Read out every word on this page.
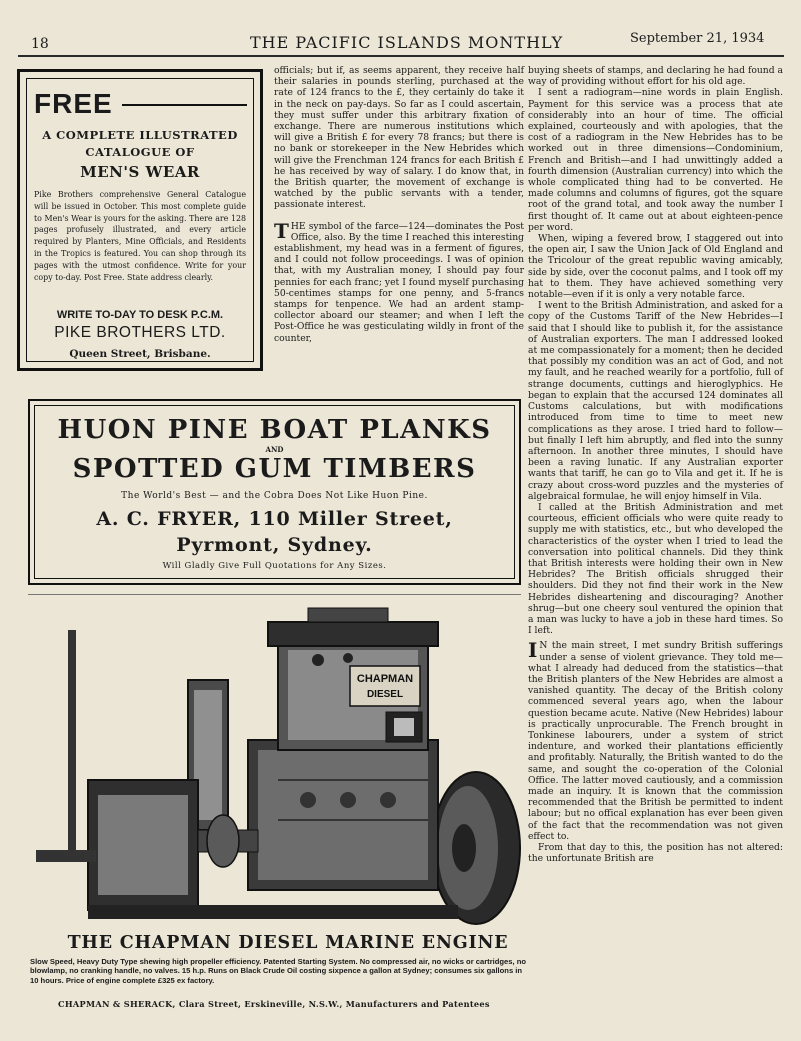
18	THE PACIFIC ISLANDS MONTHLY	September 21, 1934
FREE
A COMPLETE ILLUSTRATED
CATALOGUE OF
MEN'S WEAR
Pike Brothers comprehensive General Catalogue will be issued in October. This most complete guide to Men's Wear is yours for the asking. There are 128 pages profusely illustrated, and every article required by Planters, Mine Officials, and Residents in the Tropics is featured. You can shop through its pages with the utmost confidence. Write for your copy to-day. Post Free. State address clearly.
WRITE TO-DAY TO DESK P.C.M.
PIKE BROTHERS LTD.
Queen Street, Brisbane.
HUON PINE BOAT PLANKS
AND
SPOTTED GUM TIMBERS
The World's Best — and the Cobra Does Not Like Huon Pine.
A. C. FRYER, 110 Miller Street,
Pyrmont, Sydney.
Will Gladly Give Full Quotations for Any Sizes.
CHAPMAN
DIESEL
THE CHAPMAN DIESEL MARINE ENGINE
Slow Speed, Heavy Duty Type shewing high propeller efficiency. Patented Starting System. No compressed air, no wicks or cartridges, no blowlamp, no cranking handle, no valves. 15 h.p. Runs on Black Crude Oil costing sixpence a gallon at Sydney; consumes six gallons in 10 hours. Price of engine complete £325 ex factory.
CHAPMAN & SHERACK, Clara Street, Erskineville, N.S.W., Manufacturers and Patentees

officials; but if, as seems apparent, they receive half their salaries in pounds sterling, purchased at the rate of 124 francs to the £, they certainly do take it in the neck on pay-days. So far as I could ascertain, they must suffer under this arbitrary fixation of exchange. There are numerous institutions which will give a British £ for every 78 francs; but there is no bank or storekeeper in the New Hebrides which will give the Frenchman 124 francs for each British £ he has received by way of salary. I do know that, in the British quarter, the movement of exchange is watched by the public servants with a tender, passionate interest.

THE symbol of the farce—124—dominates the Post Office, also. By the time I reached this interesting establishment, my head was in a ferment of figures, and I could not follow proceedings. I was of opinion that, with my Australian money, I should pay four pennies for each franc; yet I found myself purchasing 50-centimes stamps for one penny, and 5-francs stamps for tenpence. We had an ardent stamp-collector aboard our steamer; and when I left the Post-Office he was gesticulating wildly in front of the counter,

buying sheets of stamps, and declaring he had found a way of providing without effort for his old age.

I sent a radiogram—nine words in plain English. Payment for this service was a process that ate considerably into an hour of time. The official explained, courteously and with apologies, that the cost of a radiogram in the New Hebrides has to be worked out in three dimensions—Condominium, French and British—and I had unwittingly added a fourth dimension (Australian currency) into which the whole complicated thing had to be converted. He made columns and columns of figures, got the square root of the grand total, and took away the number I first thought of. It came out at about eighteen-pence per word.

When, wiping a fevered brow, I staggered out into the open air, I saw the Union Jack of Old England and the Tricolour of the great republic waving amicably, side by side, over the coconut palms, and I took off my hat to them. They have achieved something very notable—even if it is only a very notable farce.

I went to the British Administration, and asked for a copy of the Customs Tariff of the New Hebrides—I said that I should like to publish it, for the assistance of Australian exporters. The man I addressed looked at me compassionately for a moment; then he decided that possibly my condition was an act of God, and not my fault, and he reached wearily for a portfolio, full of strange documents, cuttings and hieroglyphics. He began to explain that the accursed 124 dominates all Customs calculations, but with modifications introduced from time to time to meet new complications as they arose. I tried hard to follow—but finally I left him abruptly, and fled into the sunny afternoon. In another three minutes, I should have been a raving lunatic. If any Australian exporter wants that tariff, he can go to Vila and get it. If he is crazy about cross-word puzzles and the mysteries of algebraical formulae, he will enjoy himself in Vila.

I called at the British Administration and met courteous, efficient officials who were quite ready to supply me with statistics, etc., but who developed the characteristics of the oyster when I tried to lead the conversation into political channels. Did they think that British interests were holding their own in New Hebrides? The British officials shrugged their shoulders. Did they not find their work in the New Hebrides disheartening and discouraging? Another shrug—but one cheery soul ventured the opinion that a man was lucky to have a job in these hard times. So I left.

I N the main street, I met sundry British sufferings under a sense of violent grievance. They told me—what I already had deduced from the statistics—that the British planters of the New Hebrides are almost a vanished quantity. The decay of the British colony commenced several years ago, when the labour question became acute. Native (New Hebrides) labour is practically unprocurable. The French brought in Tonkinese labourers, under a system of strict indenture, and worked their plantations efficiently and profitably. Naturally, the British wanted to do the same, and sought the co-operation of the Colonial Office. The latter moved cautiously, and a commission made an inquiry. It is known that the commission recommended that the British be permitted to indent labour; but no offical explanation has ever been given of the fact that the recommendation was not given effect to.

From that day to this, the position has not altered: the unfortunate British are
